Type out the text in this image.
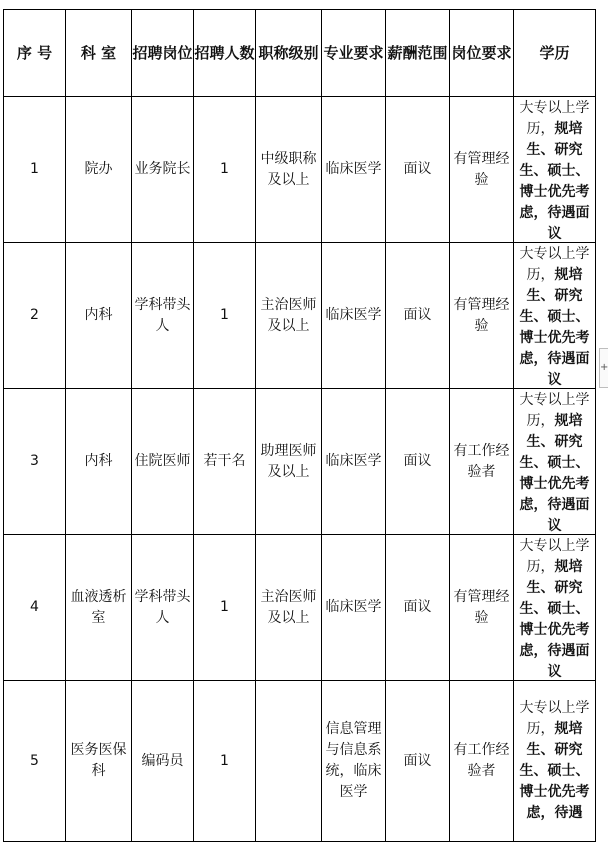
序 号	科 室	招聘岗位	招聘人数	职称级别	专业要求	薪酬范围	岗位要求	学历
1	院办	业务院长	1	中级职称及以上	临床医学	面议	有管理经验	大专以上学历，规培生、研究生、硕士、博士优先考虑，待遇面议

2	内科	学科带头人	1	主治医师及以上	临床医学	面议	有管理经验	大专以上学历，规培生、研究生、硕士、博士优先考虑，待遇面议

3	内科	住院医师	若干名	助理医师及以上	临床医学	面议	有工作经验者	大专以上学历，规培生、研究生、硕士、博士优先考虑，待遇面议

4	血液透析室	学科带头人	1	主治医师及以上	临床医学	面议	有管理经验	大专以上学历，规培生、研究生、硕士、博士优先考虑，待遇面议

5	医务医保科	编码员	1		信息管理与信息系统，临床医学	面议	有工作经验者	大专以上学历，规培生、研究生、硕士、博士优先考虑，待遇
+
